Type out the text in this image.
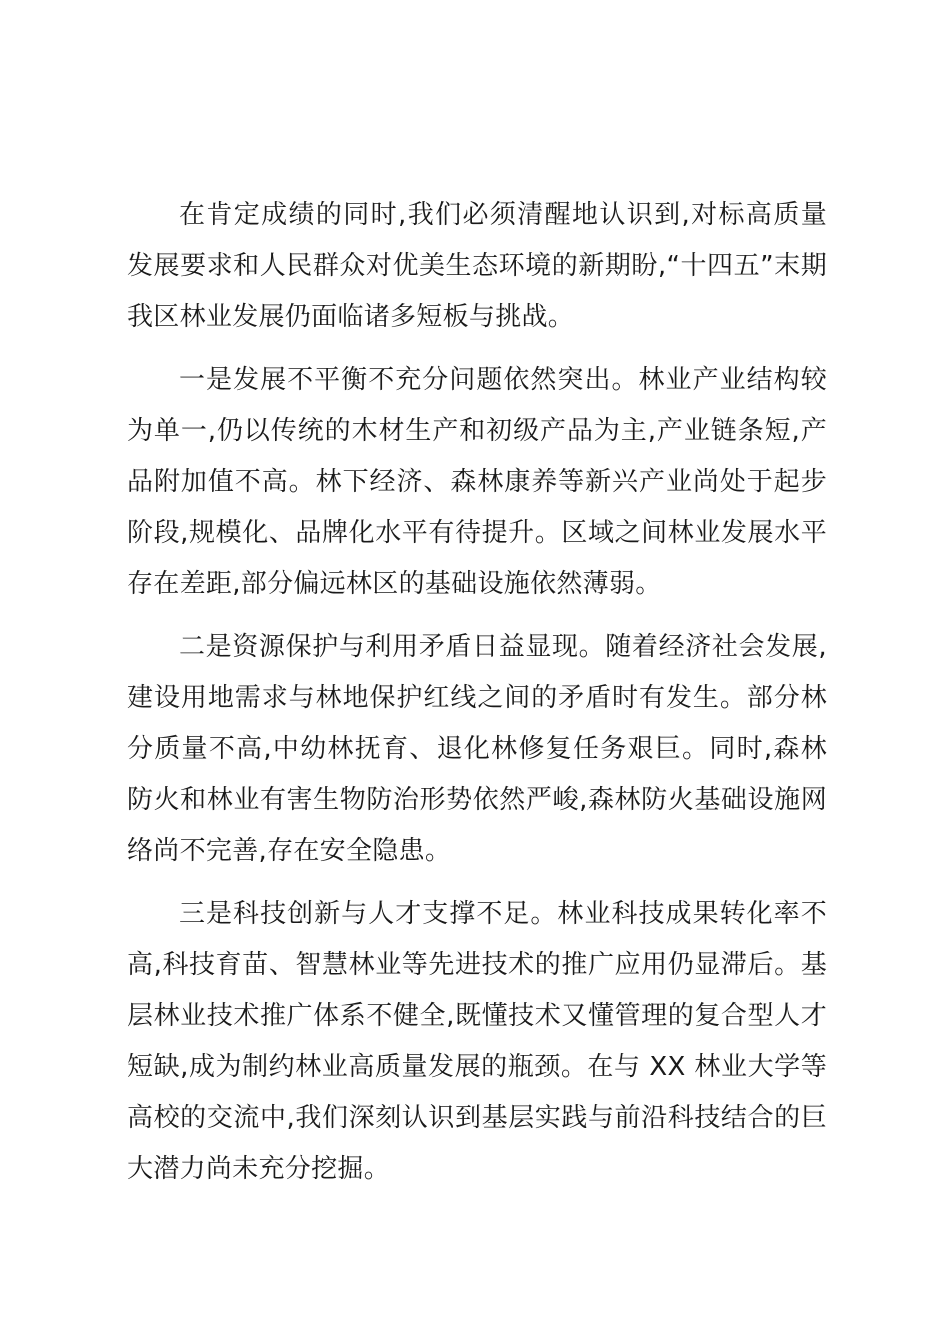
在肯定成绩的同时,我们必须清醒地认识到,对标高质量发展要求和人民群众对优美生态环境的新期盼,“十四五”末期我区林业发展仍面临诸多短板与挑战。

一是发展不平衡不充分问题依然突出。林业产业结构较为单一,仍以传统的木材生产和初级产品为主,产业链条短,产品附加值不高。林下经济、森林康养等新兴产业尚处于起步阶段,规模化、品牌化水平有待提升。区域之间林业发展水平存在差距,部分偏远林区的基础设施依然薄弱。

二是资源保护与利用矛盾日益显现。随着经济社会发展,建设用地需求与林地保护红线之间的矛盾时有发生。部分林分质量不高,中幼林抚育、退化林修复任务艰巨。同时,森林防火和林业有害生物防治形势依然严峻,森林防火基础设施网络尚不完善,存在安全隐患。

三是科技创新与人才支撑不足。林业科技成果转化率不高,科技育苗、智慧林业等先进技术的推广应用仍显滞后。基层林业技术推广体系不健全,既懂技术又懂管理的复合型人才短缺,成为制约林业高质量发展的瓶颈。在与 XX 林业大学等高校的交流中,我们深刻认识到基层实践与前沿科技结合的巨大潜力尚未充分挖掘。
